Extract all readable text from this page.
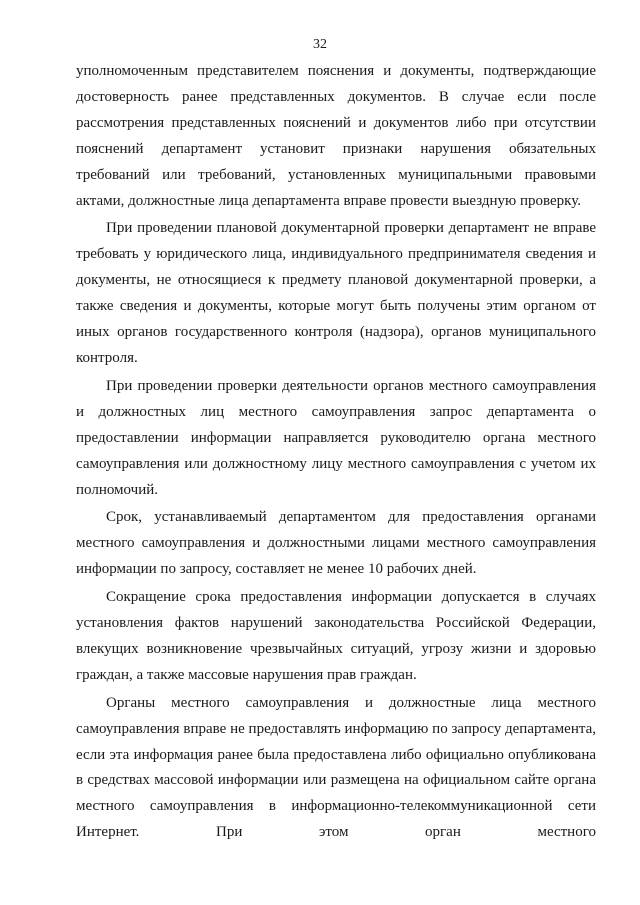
32

уполномоченным представителем пояснения и документы, подтверждающие достоверность ранее представленных документов. В случае если после рассмотрения представленных пояснений и документов либо при отсутствии пояснений департамент установит признаки нарушения обязательных требований или требований, установленных муниципальными правовыми актами, должностные лица департамента вправе провести выездную проверку.

При проведении плановой документарной проверки департамент не вправе требовать у юридического лица, индивидуального предпринимателя сведения и документы, не относящиеся к предмету плановой документарной проверки, а также сведения и документы, которые могут быть получены этим органом от иных органов государственного контроля (надзора), органов муниципального контроля.

При проведении проверки деятельности органов местного самоуправления и должностных лиц местного самоуправления запрос департамента о предоставлении информации направляется руководителю органа местного самоуправления или должностному лицу местного самоуправления с учетом их полномочий.

Срок, устанавливаемый департаментом для предоставления органами местного самоуправления и должностными лицами местного самоуправления информации по запросу, составляет не менее 10 рабочих дней.

Сокращение срока предоставления информации допускается в случаях установления фактов нарушений законодательства Российской Федерации, влекущих возникновение чрезвычайных ситуаций, угрозу жизни и здоровью граждан, а также массовые нарушения прав граждан.

Органы местного самоуправления и должностные лица местного самоуправления вправе не предоставлять информацию по запросу департамента, если эта информация ранее была предоставлена либо официально опубликована в средствах массовой информации или размещена на официальном сайте органа местного самоуправления в информационно-телекоммуникационной сети Интернет. При этом орган местного
